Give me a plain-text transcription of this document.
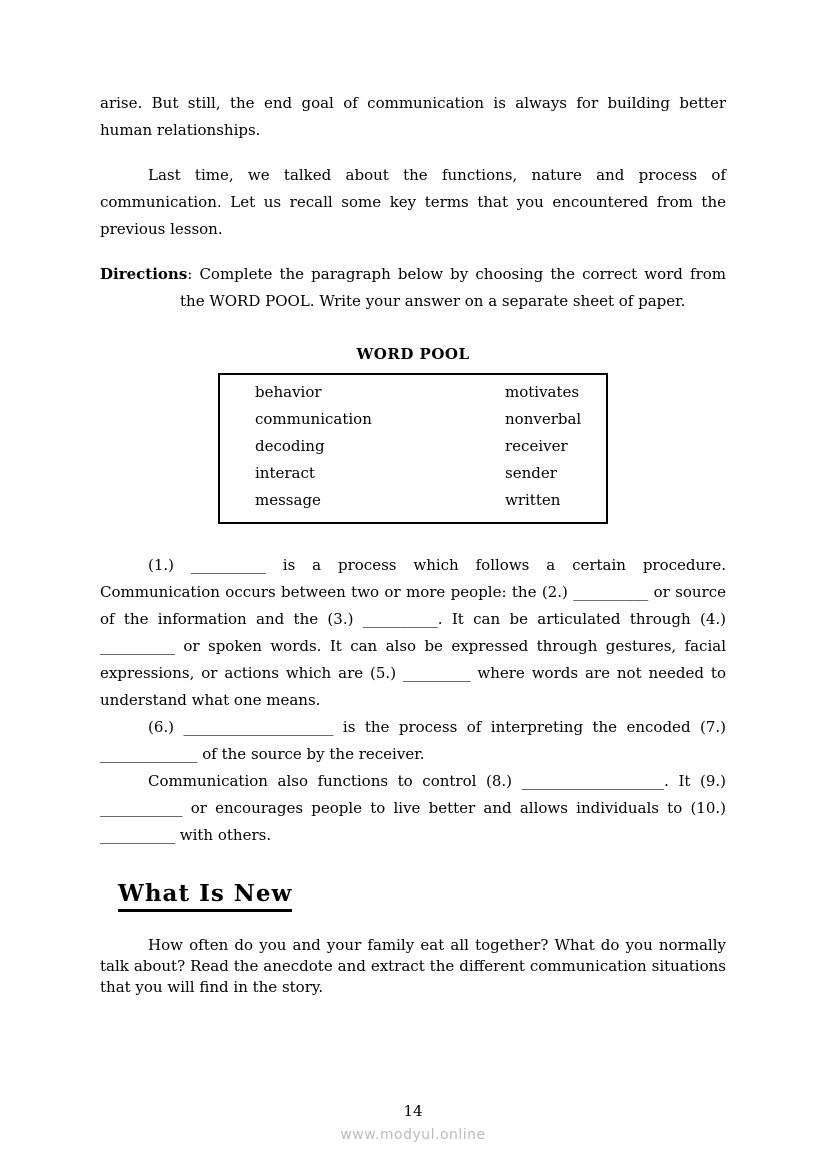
arise. But still, the end goal of communication is always for building better human relationships.

Last time, we talked about the functions, nature and process of communication. Let us recall some key terms that you encountered from the previous lesson.

Directions: Complete the paragraph below by choosing the correct word from the WORD POOL. Write your answer on a separate sheet of paper.

WORD POOL
behavior
communication
decoding
interact
message
motivates
nonverbal
receiver
sender
written

(1.) __________ is a process which follows a certain procedure. Communication occurs between two or more people: the (2.) __________ or source of the information and the (3.) __________. It can be articulated through (4.) __________ or spoken words. It can also be expressed through gestures, facial expressions, or actions which are (5.) _________ where words are not needed to understand what one means.

(6.) ____________________ is the process of interpreting the encoded (7.) _____________ of the source by the receiver.

Communication also functions to control (8.) ___________________. It (9.) ___________ or encourages people to live better and allows individuals to (10.) __________ with others.

What Is New

How often do you and your family eat all together? What do you normally talk about? Read the anecdote and extract the different communication situations that you will find in the story.

14
www.modyul.online
